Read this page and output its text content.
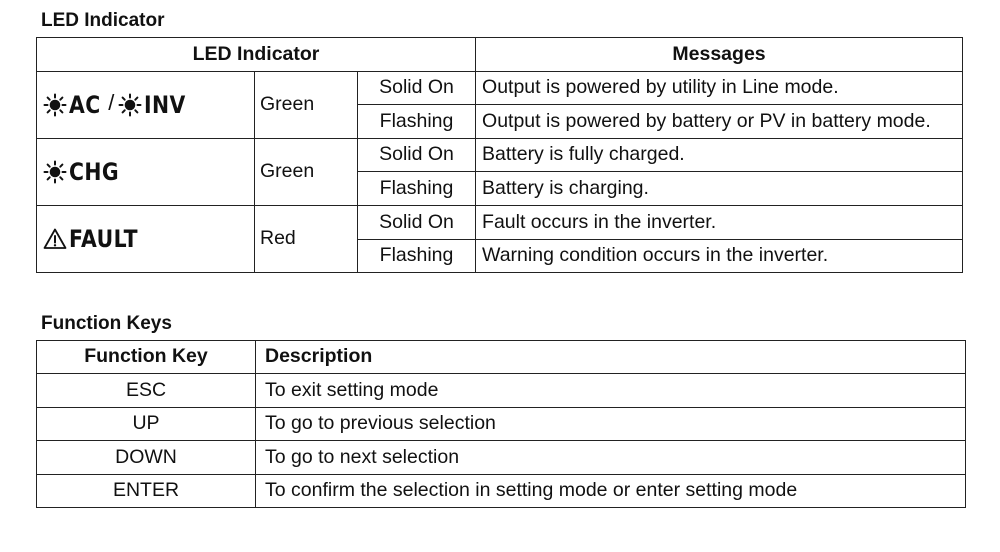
LED Indicator
LED Indicator			Messages
AC / INV	Green	Solid On	Output is powered by utility in Line mode.
		Flashing	Output is powered by battery or PV in battery mode.
CHG	Green	Solid On	Battery is fully charged.
		Flashing	Battery is charging.
FAULT	Red	Solid On	Fault occurs in the inverter.
		Flashing	Warning condition occurs in the inverter.
Function Keys
Function Key	Description
ESC	To exit setting mode
UP	To go to previous selection
DOWN	To go to next selection
ENTER	To confirm the selection in setting mode or enter setting mode
